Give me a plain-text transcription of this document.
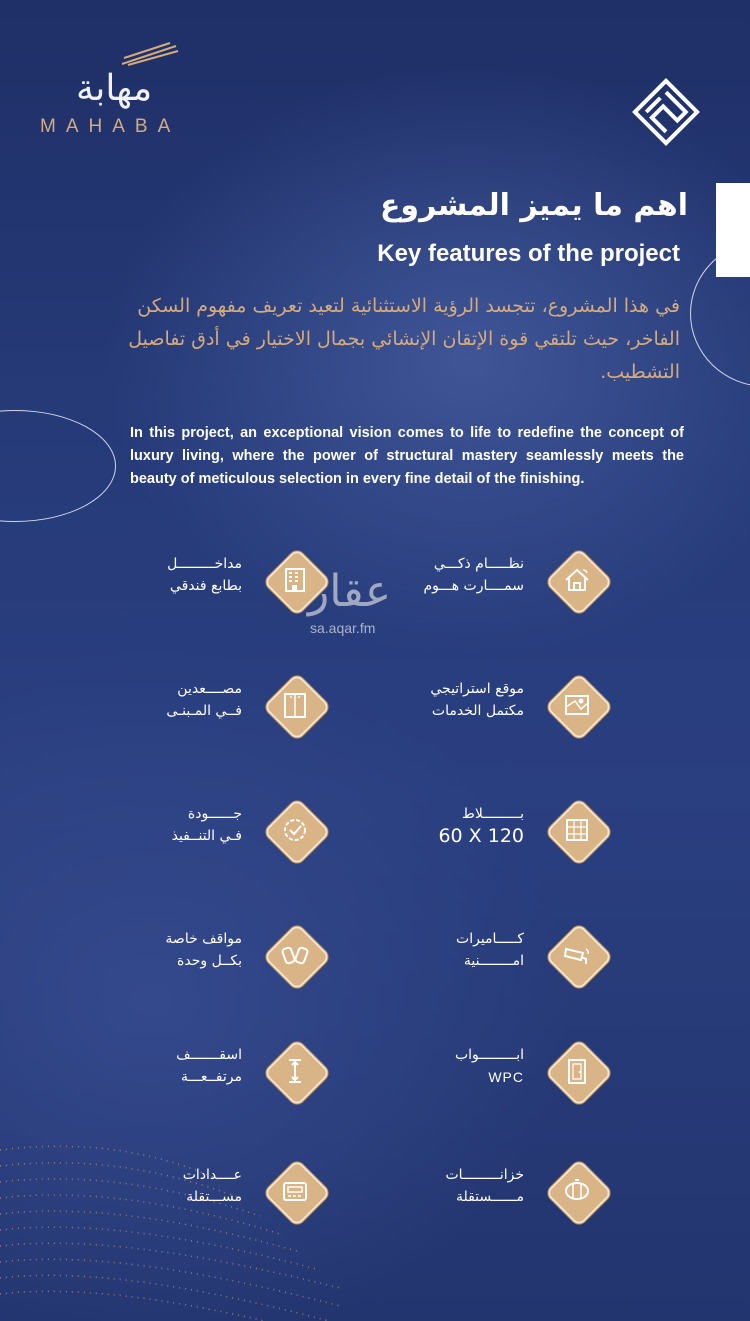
مهابة
MAHABA
اهم ما يميز المشروع
Key features of the project
في هذا المشروع، تتجسد الرؤية الاستثنائية لتعيد تعريف مفهوم السكن الفاخر، حيث تلتقي قوة الإتقان الإنشائي بجمال الاختيار في أدق تفاصيل التشطيب.
In this project, an exceptional vision comes to life to redefine the concept of luxury living, where the power of structural mastery seamlessly meets the beauty of meticulous selection in every fine detail of the finishing.
نظـــــام ذكـــي
سمــــارت هـــوم
موقع استراتيجي
مكتمل الخدمات
بـــــــــلاط
60 X 120
كـــــاميرات
امــــــــنية
ابـــــــــواب
WPC
خزانـــــــــات
مــــــستقلة
مداخـــــــــل
بطابع فندقي
مصــــعدين
فــي المـبنـى
جــــــودة
فـي التنــفيذ
مواقف خاصة
بكــل وحدة
اسقـــــــف
مرتفــعـــة
عــــدادات
مســـتقلة
عقار
sa.aqar.fm
